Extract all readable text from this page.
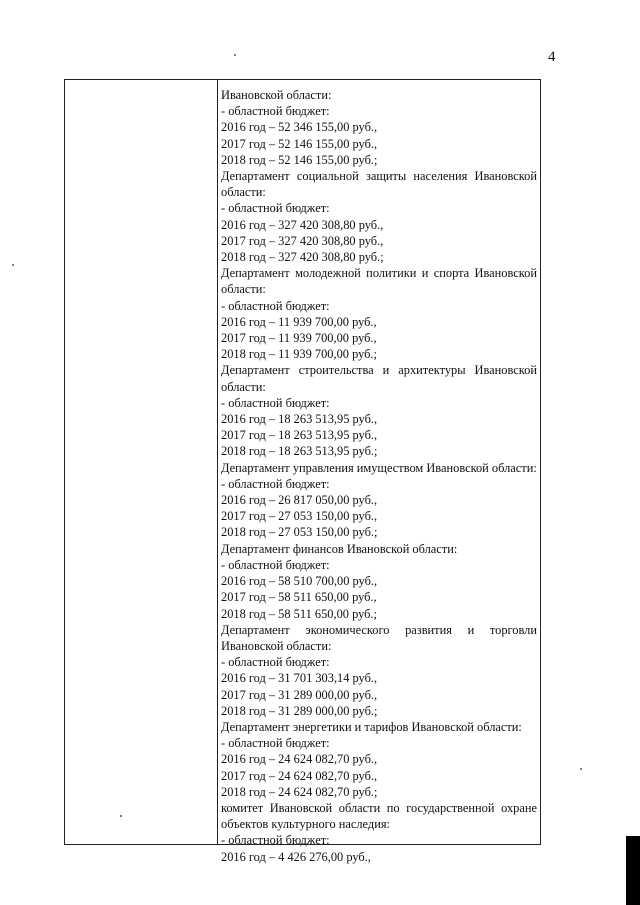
4
Ивановской области:
- областной бюджет:
2016 год – 52 346 155,00 руб.,
2017 год – 52 146 155,00 руб.,
2018 год – 52 146 155,00 руб.;
Департамент социальной защиты населения Ивановской
области:
- областной бюджет:
2016 год – 327 420 308,80 руб.,
2017 год – 327 420 308,80 руб.,
2018 год – 327 420 308,80 руб.;
Департамент молодежной политики и спорта Ивановской
области:
- областной бюджет:
2016 год – 11 939 700,00 руб.,
2017 год – 11 939 700,00 руб.,
2018 год – 11 939 700,00 руб.;
Департамент строительства и архитектуры Ивановской
области:
- областной бюджет:
2016 год – 18 263 513,95 руб.,
2017 год – 18 263 513,95 руб.,
2018 год – 18 263 513,95 руб.;
Департамент управления имуществом Ивановской области:
- областной бюджет:
2016 год – 26 817 050,00 руб.,
2017 год – 27 053 150,00 руб.,
2018 год – 27 053 150,00 руб.;
Департамент финансов Ивановской области:
- областной бюджет:
2016 год – 58 510 700,00 руб.,
2017 год – 58 511 650,00 руб.,
2018 год – 58 511 650,00 руб.;
Департамент экономического развития и торговли
Ивановской области:
- областной бюджет:
2016 год – 31 701 303,14 руб.,
2017 год – 31 289 000,00 руб.,
2018 год – 31 289 000,00 руб.;
Департамент энергетики и тарифов Ивановской области:
- областной бюджет:
2016 год – 24 624 082,70 руб.,
2017 год – 24 624 082,70 руб.,
2018 год – 24 624 082,70 руб.;
комитет Ивановской области по государственной охране
объектов культурного наследия:
- областной бюджет:
2016 год – 4 426 276,00 руб.,
